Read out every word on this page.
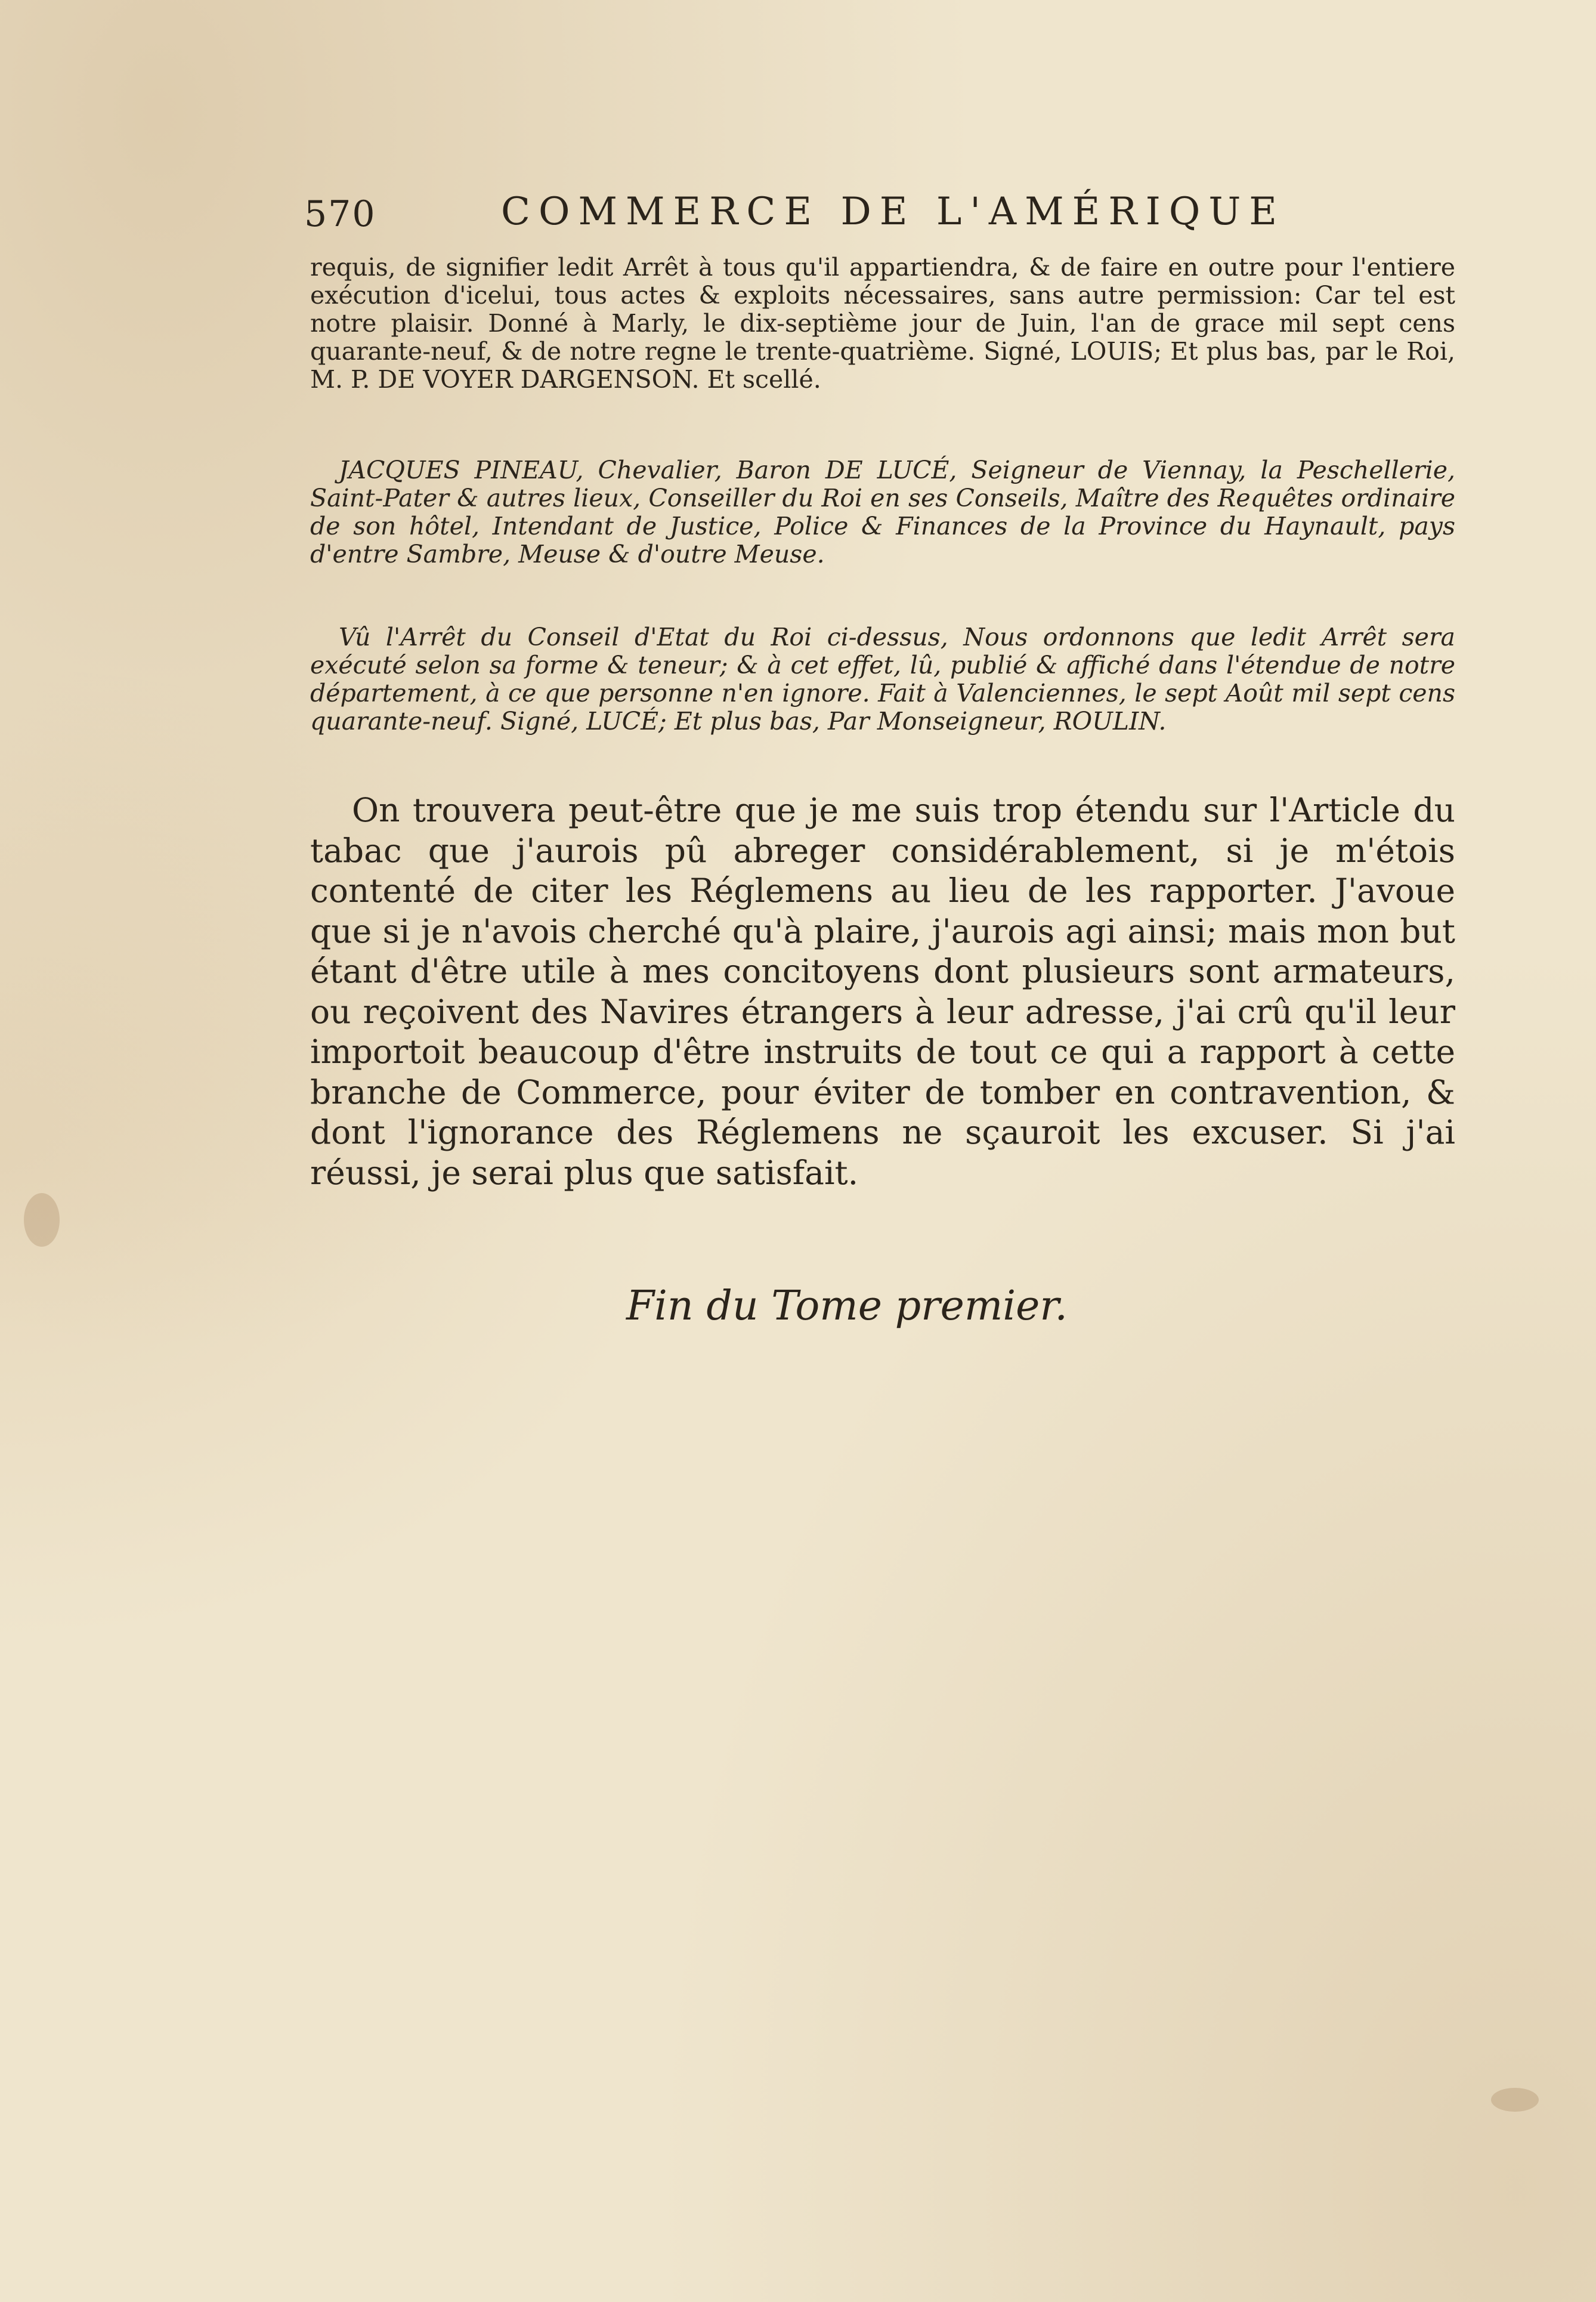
570	COMMERCE DE L'AMÉRIQUE

requis, de signifier ledit Arrêt à tous qu'il appartiendra, & de faire en outre pour l'entiere exécution d'icelui, tous actes & exploits nécessaires, sans autre permission: Car tel est notre plaisir. Donné à Marly, le dix-septième jour de Juin, l'an de grace mil sept cens quarante-neuf, & de notre regne le trente-quatrième. Signé, LOUIS; Et plus bas, par le Roi, M. P. DE VOYER DARGENSON. Et scellé.

JACQUES PINEAU, Chevalier, Baron DE LUCÉ, Seigneur de Viennay, la Peschellerie, Saint-Pater & autres lieux, Conseiller du Roi en ses Conseils, Maître des Requêtes ordinaire de son hôtel, Intendant de Justice, Police & Finances de la Province du Haynault, pays d'entre Sambre, Meuse & d'outre Meuse.

Vû l'Arrêt du Conseil d'Etat du Roi ci-dessus, Nous ordonnons que ledit Arrêt sera exécuté selon sa forme & teneur; & à cet effet, lû, publié & affiché dans l'étendue de notre département, à ce que personne n'en ignore. Fait à Valenciennes, le sept Août mil sept cens quarante-neuf. Signé, LUCÉ; Et plus bas, Par Monseigneur, ROULIN.

On trouvera peut-être que je me suis trop étendu sur l'Article du tabac que j'aurois pû abreger considérablement, si je m'étois contenté de citer les Réglemens au lieu de les rapporter. J'avoue que si je n'avois cherché qu'à plaire, j'aurois agi ainsi; mais mon but étant d'être utile à mes concitoyens dont plusieurs sont armateurs, ou reçoivent des Navires étrangers à leur adresse, j'ai crû qu'il leur importoit beaucoup d'être instruits de tout ce qui a rapport à cette branche de Commerce, pour éviter de tomber en contravention, & dont l'ignorance des Réglemens ne sçauroit les excuser. Si j'ai réussi, je serai plus que satisfait.

Fin du Tome premier.
